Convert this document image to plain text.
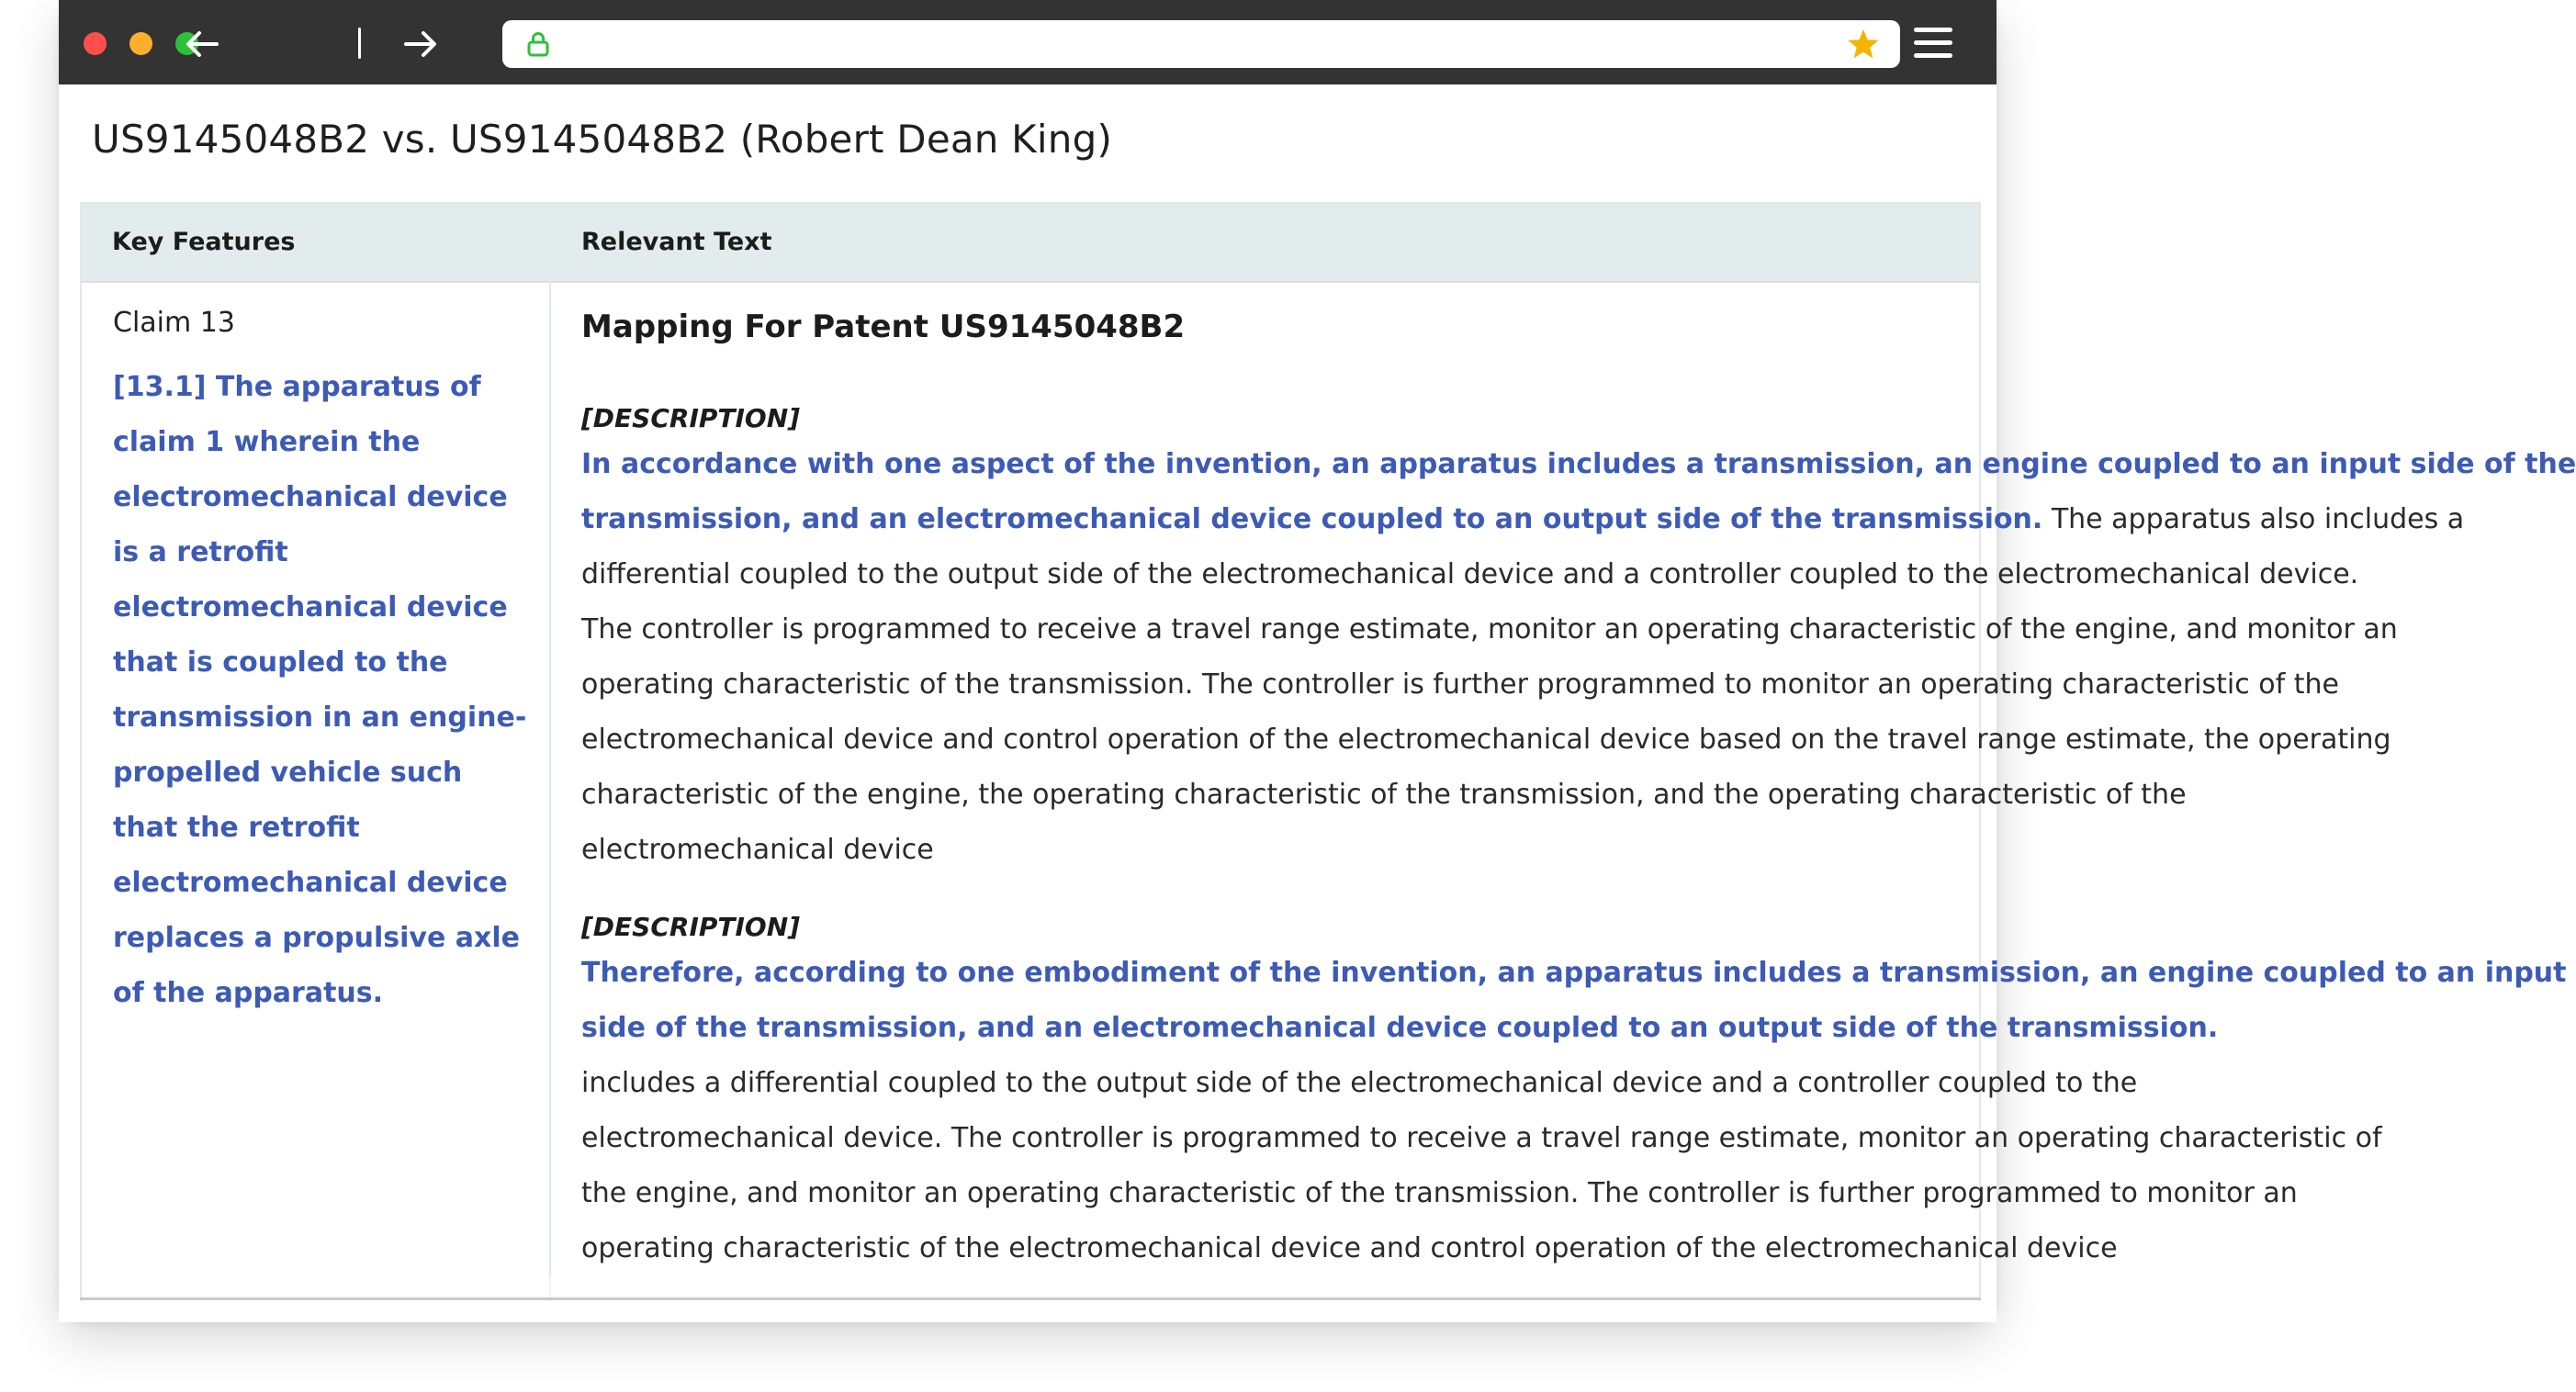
US9145048B2 vs. US9145048B2 (Robert Dean King)
Key Features	Relevant Text

Claim 13

[13.1] The apparatus of claim 1 wherein the electromechanical device is a retrofit electromechanical device that is coupled to the transmission in an engine-propelled vehicle such that the retrofit electromechanical device replaces a propulsive axle of the apparatus.

Mapping For Patent US9145048B2

[DESCRIPTION]

In accordance with one aspect of the invention, an apparatus includes a transmission, an engine coupled to an input side of the

transmission, and an electromechanical device coupled to an output side of the transmission. The apparatus also includes a

differential coupled to the output side of the electromechanical device and a controller coupled to the electromechanical device.

The controller is programmed to receive a travel range estimate, monitor an operating characteristic of the engine, and monitor an

operating characteristic of the transmission. The controller is further programmed to monitor an operating characteristic of the

electromechanical device and control operation of the electromechanical device based on the travel range estimate, the operating

characteristic of the engine, the operating characteristic of the transmission, and the operating characteristic of the

electromechanical device

[DESCRIPTION]

Therefore, according to one embodiment of the invention, an apparatus includes a transmission, an engine coupled to an input

side of the transmission, and an electromechanical device coupled to an output side of the transmission.

includes a differential coupled to the output side of the electromechanical device and a controller coupled to the

electromechanical device. The controller is programmed to receive a travel range estimate, monitor an operating characteristic of

the engine, and monitor an operating characteristic of the transmission. The controller is further programmed to monitor an

operating characteristic of the electromechanical device and control operation of the electromechanical device
